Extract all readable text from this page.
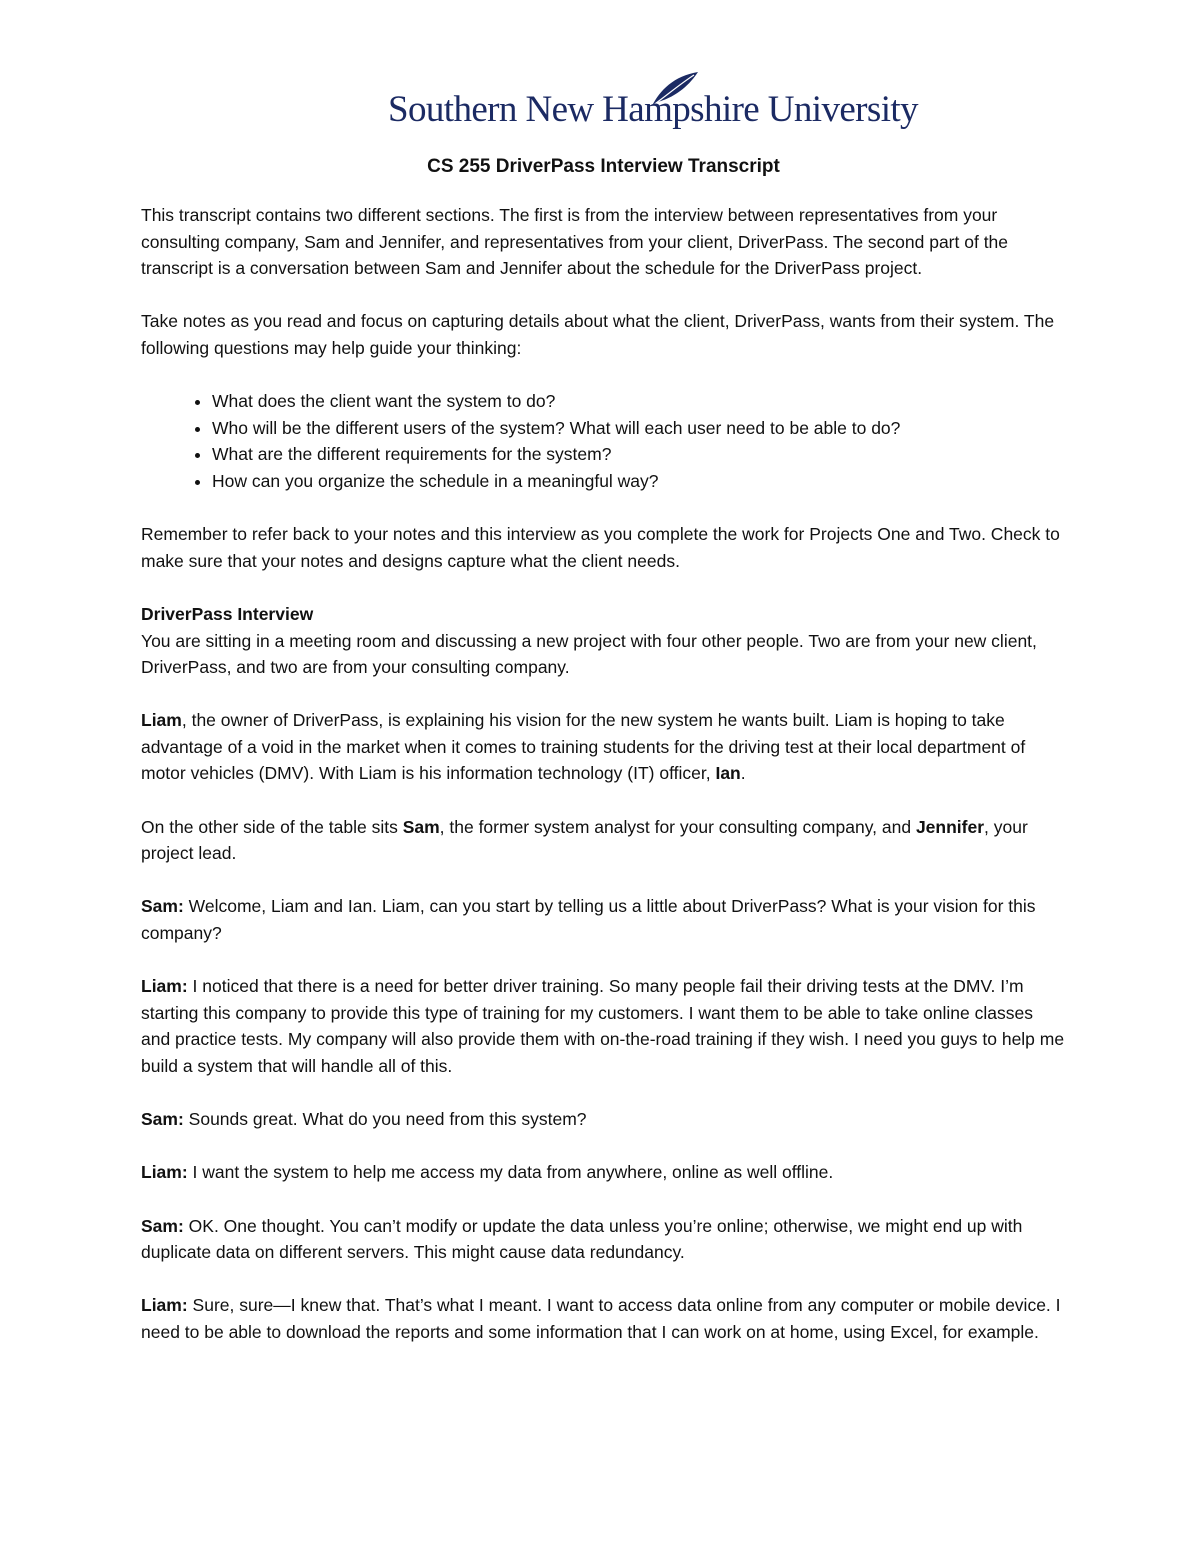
Southern New Hampshire University
CS 255 DriverPass Interview Transcript

This transcript contains two different sections. The first is from the interview between representatives from your consulting company, Sam and Jennifer, and representatives from your client, DriverPass. The second part of the transcript is a conversation between Sam and Jennifer about the schedule for the DriverPass project.

Take notes as you read and focus on capturing details about what the client, DriverPass, wants from their system. The following questions may help guide your thinking:

• What does the client want the system to do?
• Who will be the different users of the system? What will each user need to be able to do?
• What are the different requirements for the system?
• How can you organize the schedule in a meaningful way?

Remember to refer back to your notes and this interview as you complete the work for Projects One and Two. Check to make sure that your notes and designs capture what the client needs.

DriverPass Interview

You are sitting in a meeting room and discussing a new project with four other people. Two are from your new client, DriverPass, and two are from your consulting company.

Liam, the owner of DriverPass, is explaining his vision for the new system he wants built. Liam is hoping to take advantage of a void in the market when it comes to training students for the driving test at their local department of motor vehicles (DMV). With Liam is his information technology (IT) officer, Ian.

On the other side of the table sits Sam, the former system analyst for your consulting company, and Jennifer, your project lead.

Sam: Welcome, Liam and Ian. Liam, can you start by telling us a little about DriverPass? What is your vision for this company?

Liam: I noticed that there is a need for better driver training. So many people fail their driving tests at the DMV. I’m starting this company to provide this type of training for my customers. I want them to be able to take online classes and practice tests. My company will also provide them with on-the-road training if they wish. I need you guys to help me build a system that will handle all of this.

Sam: Sounds great. What do you need from this system?

Liam: I want the system to help me access my data from anywhere, online as well offline.

Sam: OK. One thought. You can’t modify or update the data unless you’re online; otherwise, we might end up with duplicate data on different servers. This might cause data redundancy.

Liam: Sure, sure—I knew that. That’s what I meant. I want to access data online from any computer or mobile device. I need to be able to download the reports and some information that I can work on at home, using Excel, for example.
